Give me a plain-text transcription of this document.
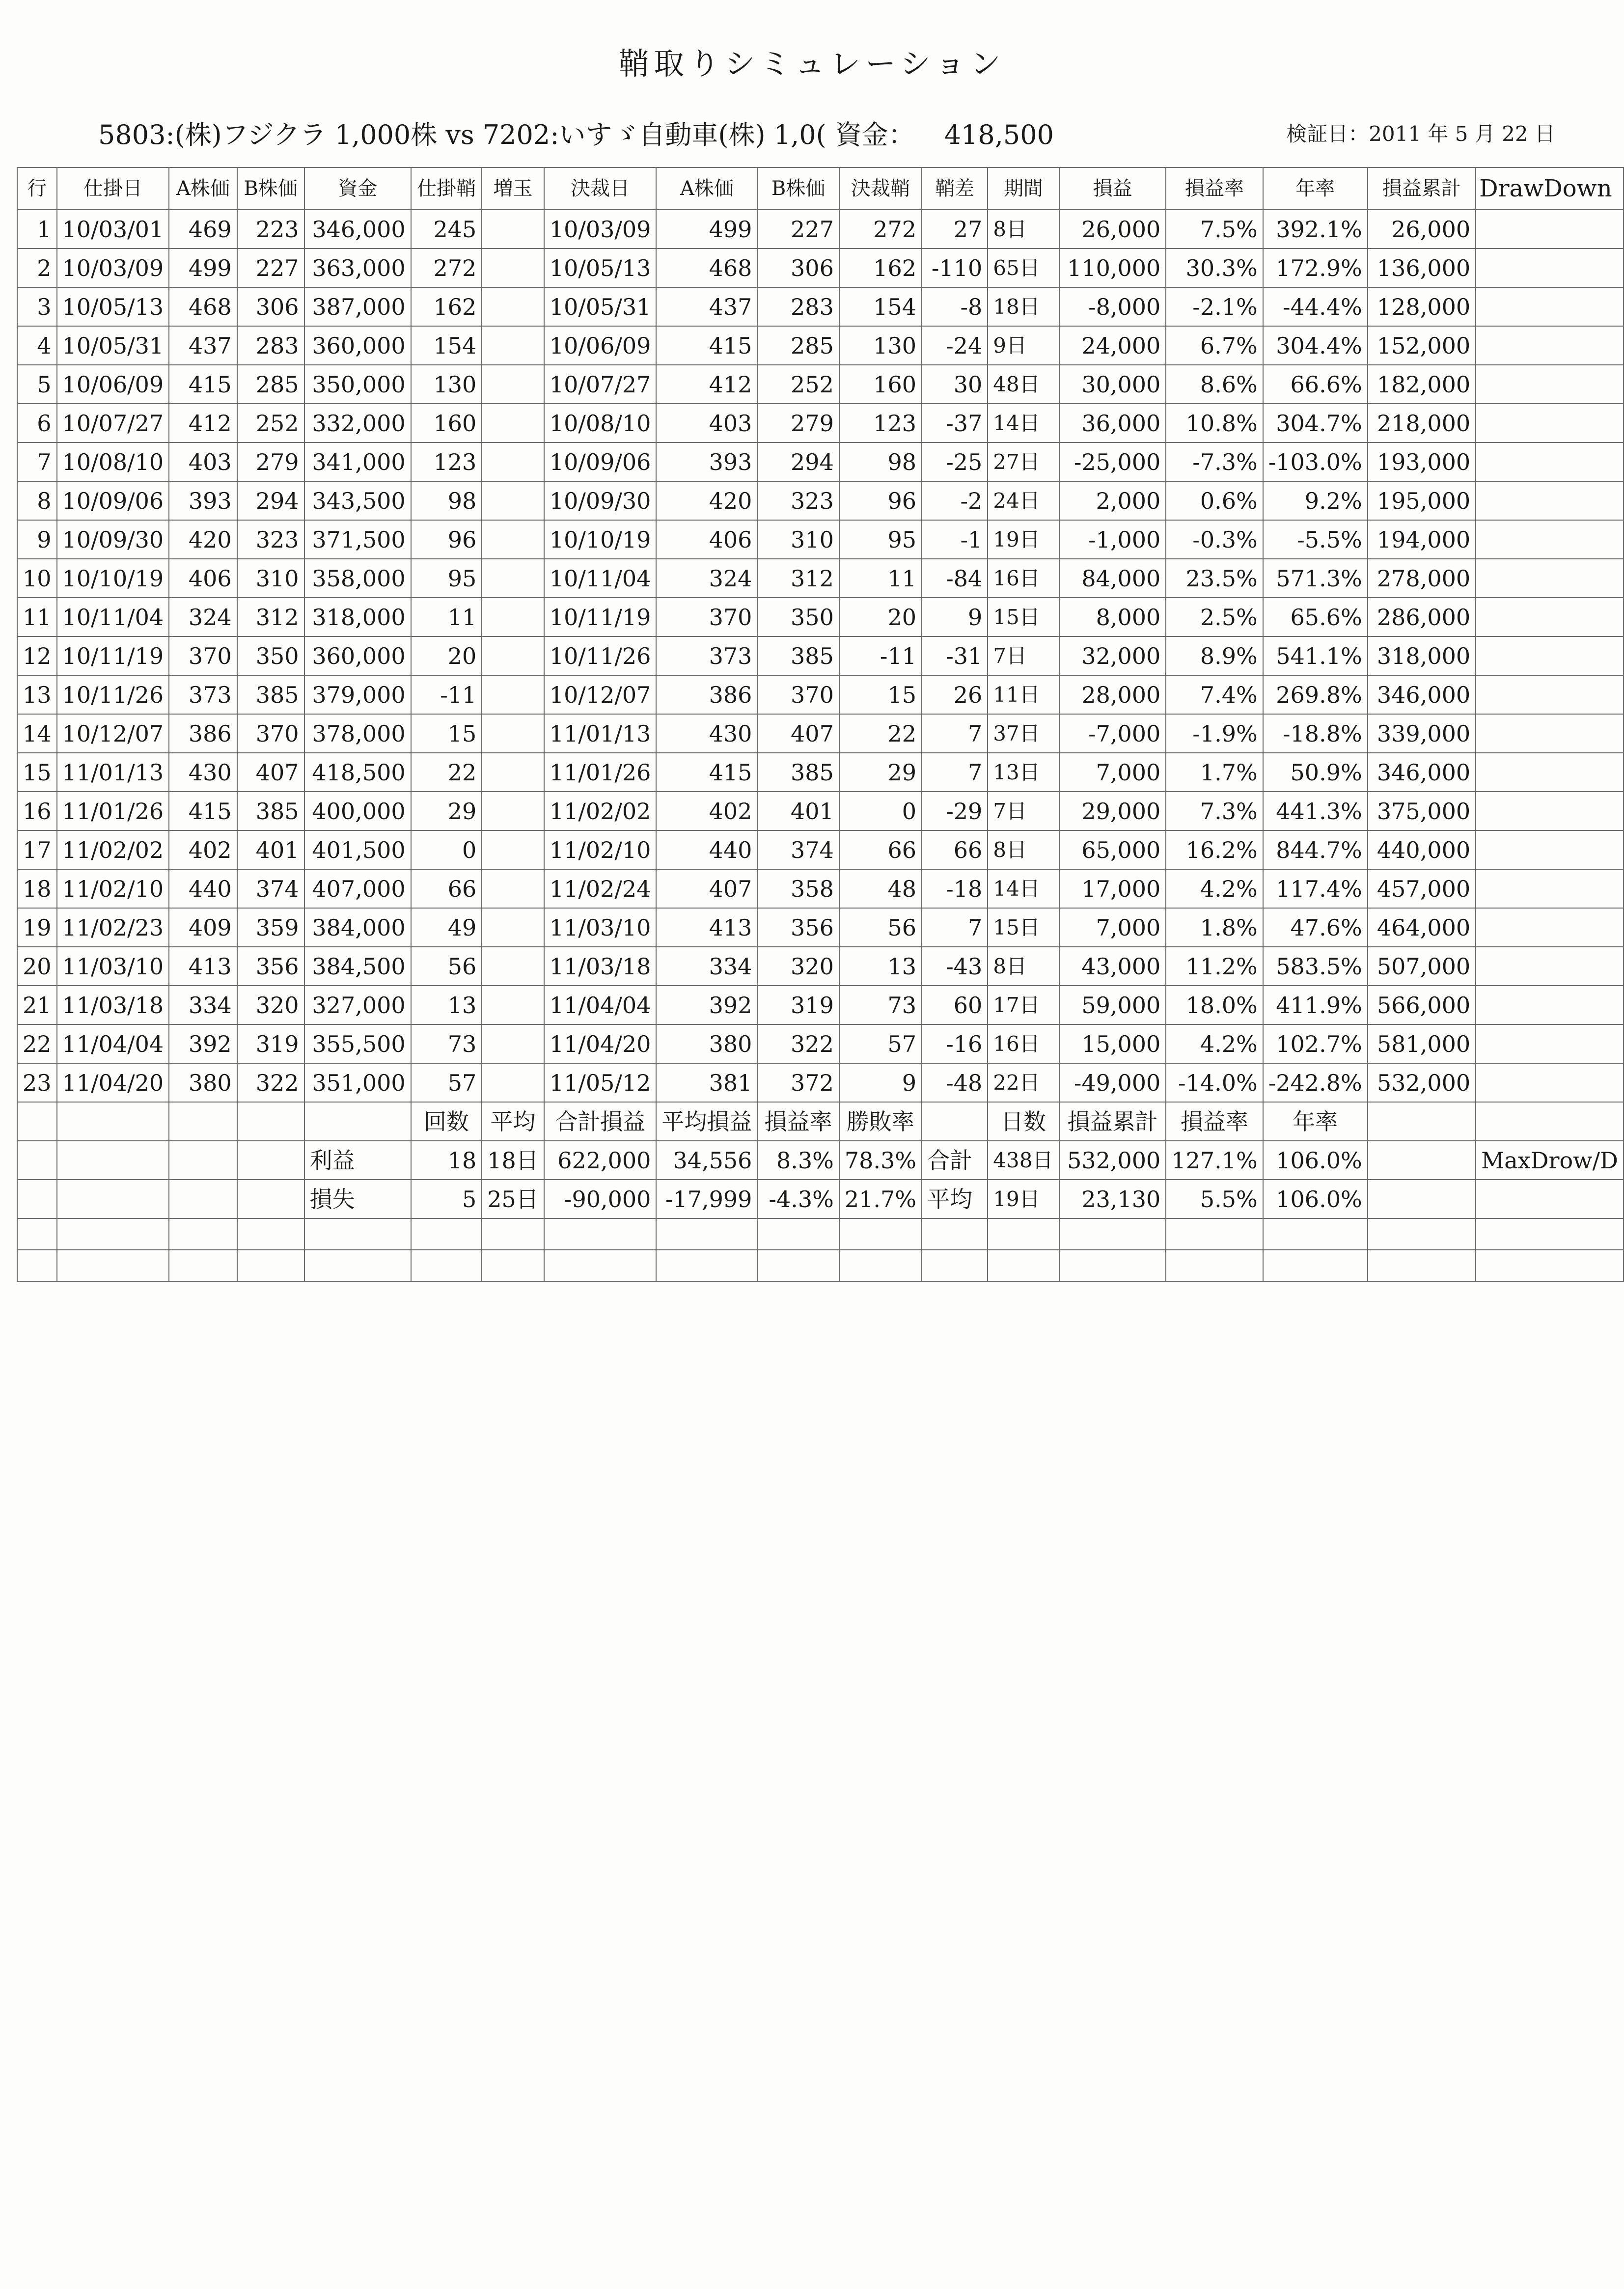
鞘取りシミュレーション
5803:(株)フジクラ 1,000株 vs 7202:いすゞ自動車(株) 1,0( 資金： 418,500	検証日：2011 年 5 月 22 日
行	仕掛日	A株価	B株価	資金	仕掛鞘	増玉	決裁日	A株価	B株価	決裁鞘	鞘差	期間	損益	損益率	年率	損益累計	DrawDown
1	10/03/01	469	223	346,000	245		10/03/09	499	227	272	27	8日	26,000	7.5%	392.1%	26,000	
2	10/03/09	499	227	363,000	272		10/05/13	468	306	162	-110	65日	110,000	30.3%	172.9%	136,000	
3	10/05/13	468	306	387,000	162		10/05/31	437	283	154	-8	18日	-8,000	-2.1%	-44.4%	128,000	
4	10/05/31	437	283	360,000	154		10/06/09	415	285	130	-24	9日	24,000	6.7%	304.4%	152,000	
5	10/06/09	415	285	350,000	130		10/07/27	412	252	160	30	48日	30,000	8.6%	66.6%	182,000	
6	10/07/27	412	252	332,000	160		10/08/10	403	279	123	-37	14日	36,000	10.8%	304.7%	218,000	
7	10/08/10	403	279	341,000	123		10/09/06	393	294	98	-25	27日	-25,000	-7.3%	-103.0%	193,000	
8	10/09/06	393	294	343,500	98		10/09/30	420	323	96	-2	24日	2,000	0.6%	9.2%	195,000	
9	10/09/30	420	323	371,500	96		10/10/19	406	310	95	-1	19日	-1,000	-0.3%	-5.5%	194,000	
10	10/10/19	406	310	358,000	95		10/11/04	324	312	11	-84	16日	84,000	23.5%	571.3%	278,000	
11	10/11/04	324	312	318,000	11		10/11/19	370	350	20	9	15日	8,000	2.5%	65.6%	286,000	
12	10/11/19	370	350	360,000	20		10/11/26	373	385	-11	-31	7日	32,000	8.9%	541.1%	318,000	
13	10/11/26	373	385	379,000	-11		10/12/07	386	370	15	26	11日	28,000	7.4%	269.8%	346,000	
14	10/12/07	386	370	378,000	15		11/01/13	430	407	22	7	37日	-7,000	-1.9%	-18.8%	339,000	
15	11/01/13	430	407	418,500	22		11/01/26	415	385	29	7	13日	7,000	1.7%	50.9%	346,000	
16	11/01/26	415	385	400,000	29		11/02/02	402	401	0	-29	7日	29,000	7.3%	441.3%	375,000	
17	11/02/02	402	401	401,500	0		11/02/10	440	374	66	66	8日	65,000	16.2%	844.7%	440,000	
18	11/02/10	440	374	407,000	66		11/02/24	407	358	48	-18	14日	17,000	4.2%	117.4%	457,000	
19	11/02/23	409	359	384,000	49		11/03/10	413	356	56	7	15日	7,000	1.8%	47.6%	464,000	
20	11/03/10	413	356	384,500	56		11/03/18	334	320	13	-43	8日	43,000	11.2%	583.5%	507,000	
21	11/03/18	334	320	327,000	13		11/04/04	392	319	73	60	17日	59,000	18.0%	411.9%	566,000	
22	11/04/04	392	319	355,500	73		11/04/20	380	322	57	-16	16日	15,000	4.2%	102.7%	581,000	
23	11/04/20	380	322	351,000	57		11/05/12	381	372	9	-48	22日	-49,000	-14.0%	-242.8%	532,000	
					回数	平均	合計損益	平均損益	損益率	勝敗率		日数	損益累計	損益率	年率		
				利益	18	18日	622,000	34,556	8.3%	78.3%	合計	438日	532,000	127.1%	106.0%		MaxDrow/D
				損失	5	25日	-90,000	-17,999	-4.3%	21.7%	平均	19日	23,130	5.5%	106.0%		
